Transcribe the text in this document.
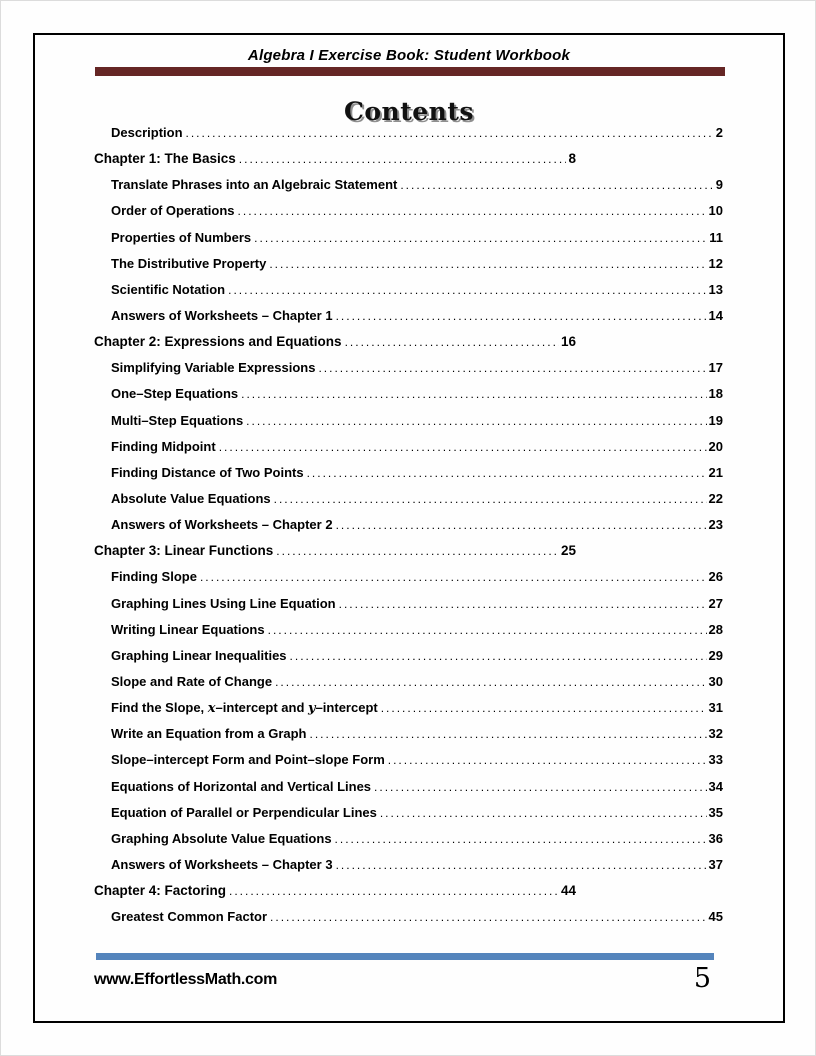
Algebra I Exercise Book: Student Workbook
Contents
Description .....	2
Chapter 1: The Basics .....	8
Translate Phrases into an Algebraic Statement .....	9
Order of Operations .....	10
Properties of Numbers .....	11
The Distributive Property .....	12
Scientific Notation .....	13
Answers of Worksheets – Chapter 1 .....	14
Chapter 2: Expressions and Equations .....	16
Simplifying Variable Expressions .....	17
One–Step Equations .....	18
Multi–Step Equations .....	19
Finding Midpoint .....	20
Finding Distance of Two Points .....	21
Absolute Value Equations .....	22
Answers of Worksheets – Chapter 2 .....	23
Chapter 3: Linear Functions .....	25
Finding Slope .....	26
Graphing Lines Using Line Equation .....	27
Writing Linear Equations .....	28
Graphing Linear Inequalities .....	29
Slope and Rate of Change .....	30
Find the Slope, x–intercept and y–intercept .....	31
Write an Equation from a Graph .....	32
Slope–intercept Form and Point–slope Form .....	33
Equations of Horizontal and Vertical Lines .....	34
Equation of Parallel or Perpendicular Lines .....	35
Graphing Absolute Value Equations .....	36
Answers of Worksheets – Chapter 3 .....	37
Chapter 4: Factoring .....	44
Greatest Common Factor .....	45
www.EffortlessMath.com	5
